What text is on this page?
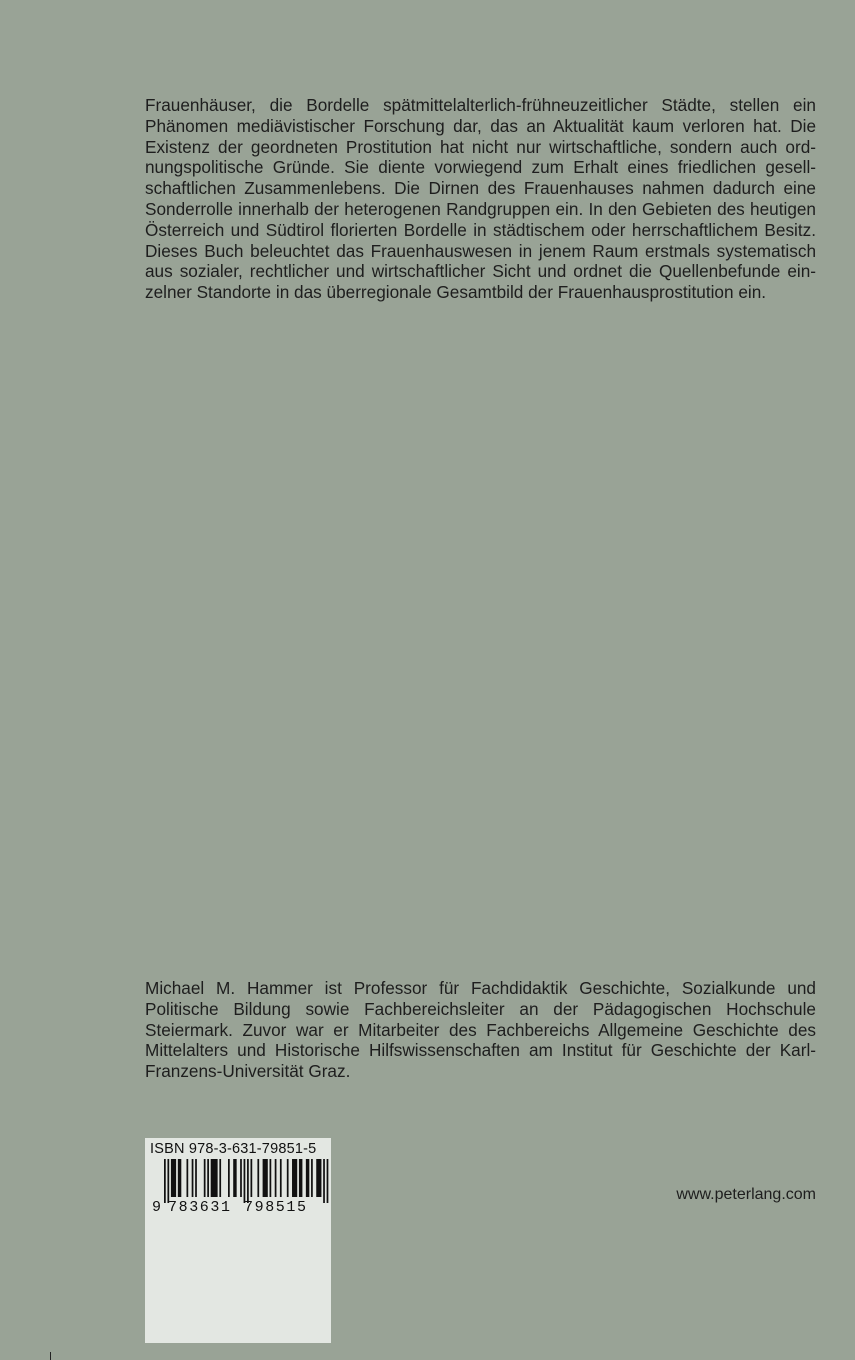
Frauenhäuser, die Bordelle spätmittelalterlich-frühneuzeitlicher Städte, stellen ein Phänomen mediävistischer Forschung dar, das an Aktualität kaum verloren hat. Die Existenz der geordneten Prostitution hat nicht nur wirtschaftliche, sondern auch ordnungspolitische Gründe. Sie diente vorwiegend zum Erhalt eines friedlichen gesellschaftlichen Zusammenlebens. Die Dirnen des Frauenhauses nahmen dadurch eine Sonderrolle innerhalb der heterogenen Randgruppen ein. In den Gebieten des heutigen Österreich und Südtirol florierten Bordelle in städtischem oder herrschaftlichem Besitz. Dieses Buch beleuchtet das Frauenhauswesen in jenem Raum erstmals systematisch aus sozialer, rechtlicher und wirtschaftlicher Sicht und ordnet die Quellenbefunde einzelner Standorte in das überregionale Gesamtbild der Frauenhausprostitution ein.

Michael M. Hammer ist Professor für Fachdidaktik Geschichte, Sozialkunde und Politische Bildung sowie Fachbereichsleiter an der Pädagogischen Hochschule Steiermark. Zuvor war er Mitarbeiter des Fachbereichs Allgemeine Geschichte des Mittelalters und Historische Hilfswissenschaften am Institut für Geschichte der Karl-Franzens-Universität Graz.

ISBN 978-3-631-79851-5
9 783631 798515
www.peterlang.com
